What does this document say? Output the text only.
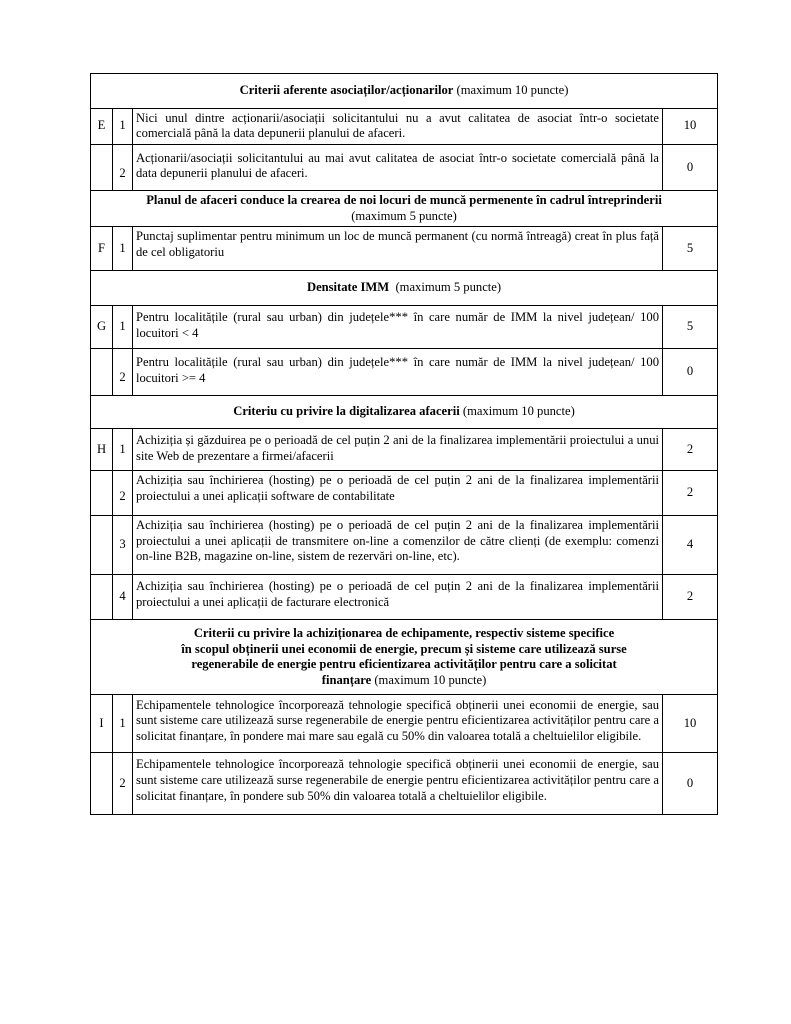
Criterii aferente asociaților/acționarilor (maximum 10 puncte)			
E	1	Nici unul dintre acționarii/asociații solicitantului nu a avut calitatea de asociat într-o societate comercială până la data depunerii planului de afaceri.	10
	2	Acționarii/asociații solicitantului au mai avut calitatea de asociat într-o societate comercială până la data depunerii planului de afaceri.	0

Planul de afaceri conduce la crearea de noi locuri de muncă permenente în cadrul întreprinderii
(maximum 5 puncte)			
F	1	Punctaj suplimentar pentru minimum un loc de muncă permanent (cu normă întreagă) creat în plus față de cel obligatoriu	5
Densitate IMM  (maximum 5 puncte)			
G	1	Pentru localitățile (rural sau urban) din județele*** în care număr de IMM la nivel județean/ 100 locuitori < 4	5
	2	Pentru localitățile (rural sau urban) din județele*** în care număr de IMM la nivel județean/ 100 locuitori >= 4	0
Criteriu cu privire la digitalizarea afacerii (maximum 10 puncte)			
H	1	Achiziția și găzduirea pe o perioadă de cel puțin 2 ani de la finalizarea implementării proiectului a unui site Web de prezentare a firmei/afacerii	2
	2	Achiziția sau închirierea (hosting) pe o perioadă de cel puțin 2 ani de la finalizarea implementării proiectului a unei aplicații software de contabilitate	2
	3	Achiziția sau închirierea (hosting) pe o perioadă de cel puțin 2 ani de la finalizarea implementării proiectului a unei aplicații de transmitere on-line a comenzilor de către clienți (de exemplu: comenzi on-line B2B, magazine on-line, sistem de rezervări on-line, etc).	4
	4	Achiziția sau închirierea (hosting) pe o perioadă de cel puțin 2 ani de la finalizarea implementării proiectului a unei aplicații de facturare electronică	2

Criterii cu privire la achiziționarea de echipamente, respectiv sisteme specifice
în scopul obținerii unei economii de energie, precum și sisteme care utilizează surse
regenerabile de energie pentru eficientizarea activităților pentru care a solicitat
finanțare (maximum 10 puncte)			
I	1	Echipamentele tehnologice încorporează tehnologie specifică obținerii unei economii de energie, sau sunt sisteme care utilizează surse regenerabile de energie pentru eficientizarea activităților pentru care a solicitat finanțare, în pondere mai mare sau egală cu 50% din valoarea totală a cheltuielilor eligibile.	10
	2	Echipamentele tehnologice încorporează tehnologie specifică obținerii unei economii de energie, sau sunt sisteme care utilizează surse regenerabile de energie pentru eficientizarea activităților pentru care a solicitat finanțare, în pondere sub 50% din valoarea totală a cheltuielilor eligibile.	0
